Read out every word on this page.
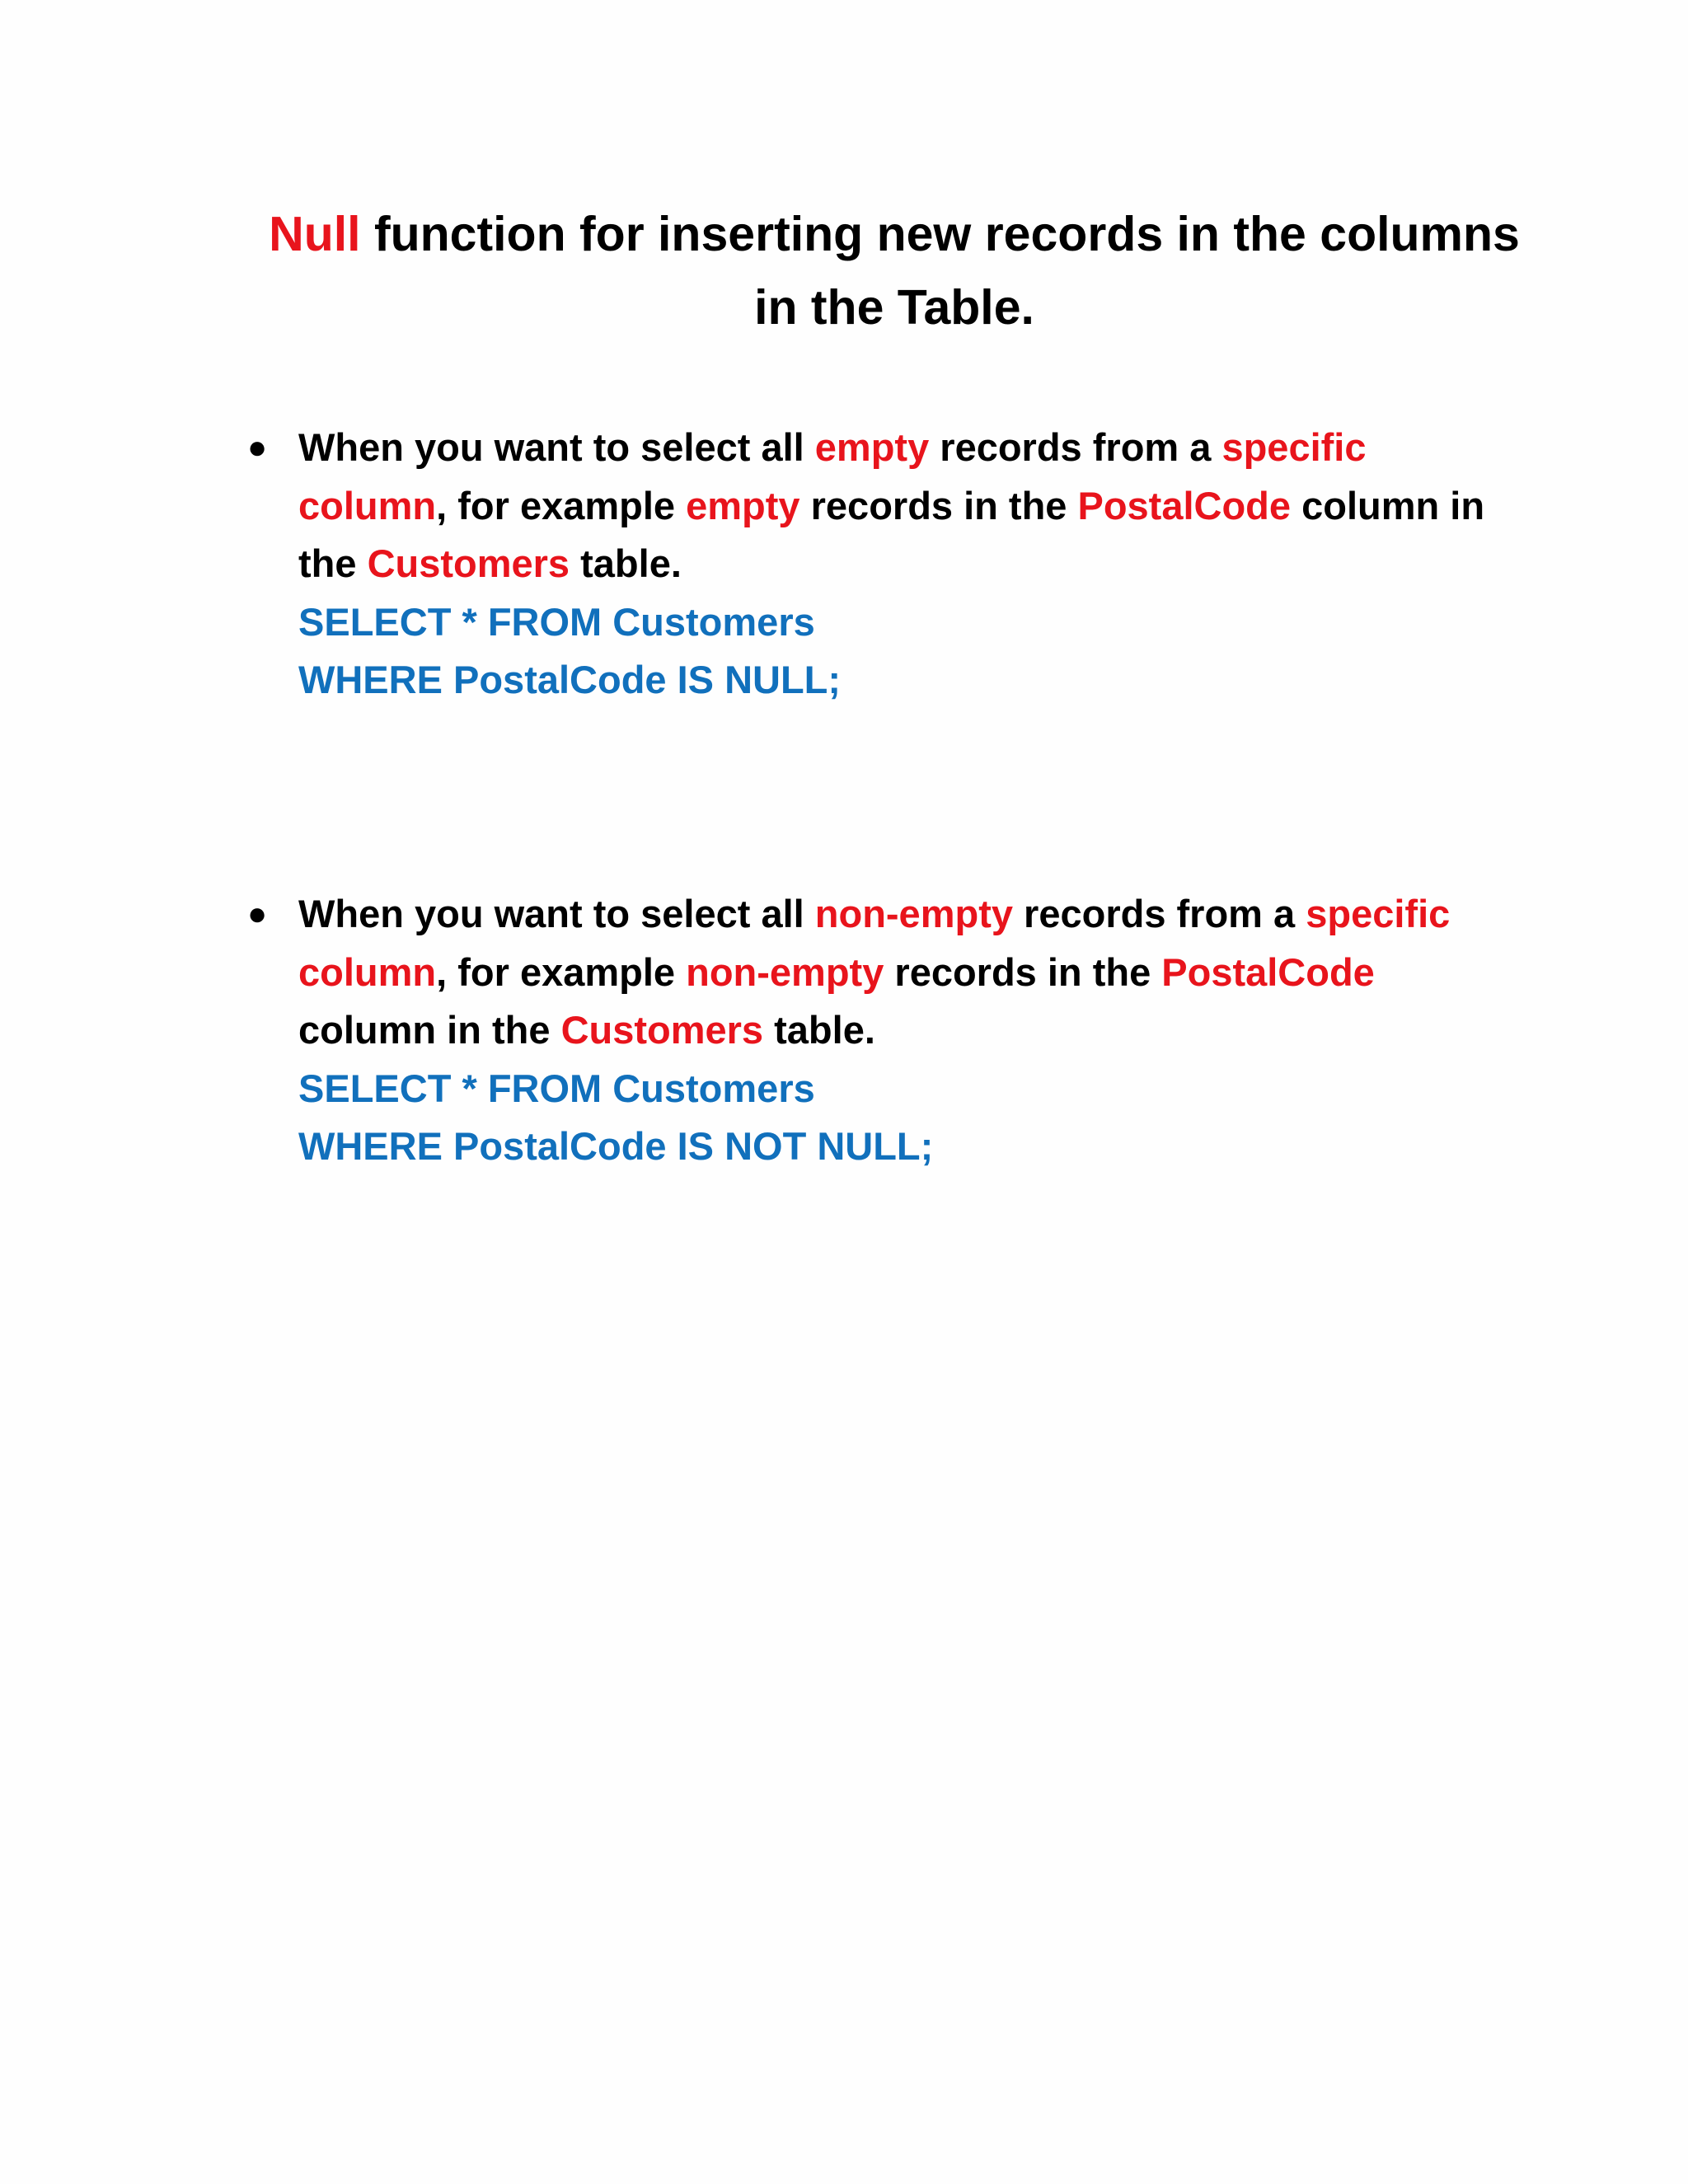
Null function for inserting new records in the columns in the Table.
● When you want to select all empty records from a specific column, for example empty records in the PostalCode column in the Customers table.
SELECT * FROM Customers
WHERE PostalCode IS NULL;
● When you want to select all non-empty records from a specific column, for example non-empty records in the PostalCode column in the Customers table.
SELECT * FROM Customers
WHERE PostalCode IS NOT NULL;
